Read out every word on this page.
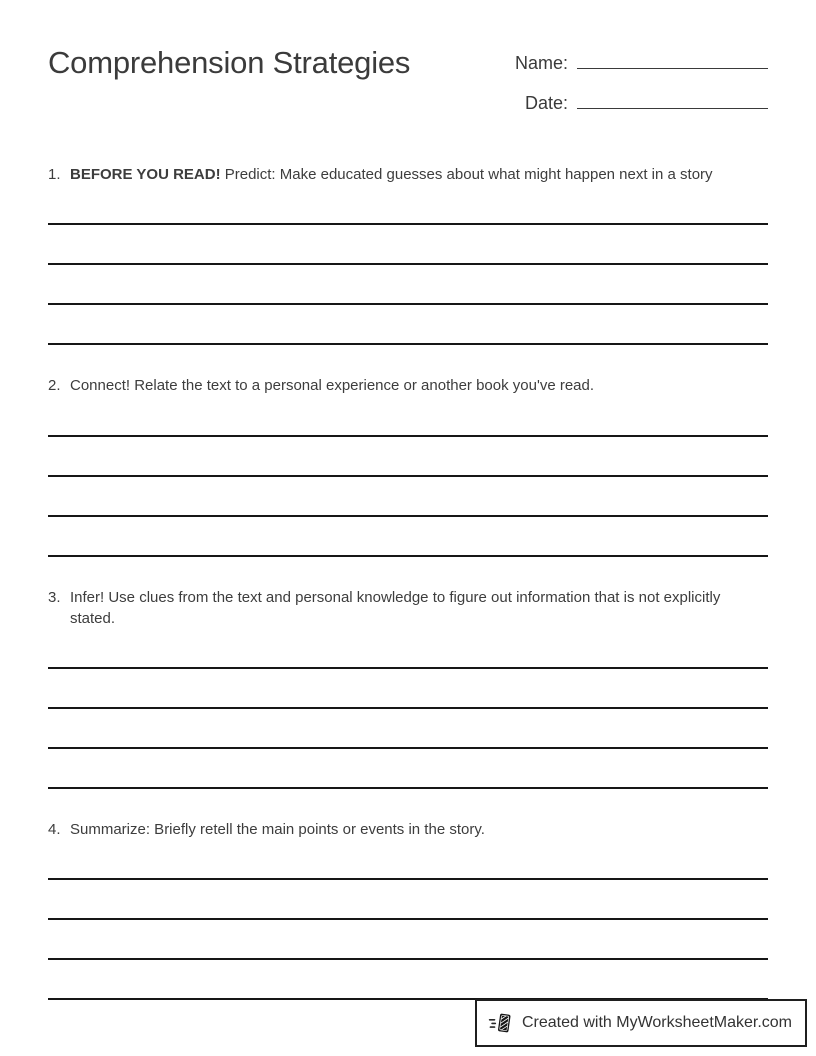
Comprehension Strategies	Name:
Date:
1. BEFORE YOU READ! Predict: Make educated guesses about what might happen next in a story
2. Connect! Relate the text to a personal experience or another book you've read.
3. Infer! Use clues from the text and personal knowledge to figure out information that is not explicitly stated.
4. Summarize: Briefly retell the main points or events in the story.
Created with MyWorksheetMaker.com
